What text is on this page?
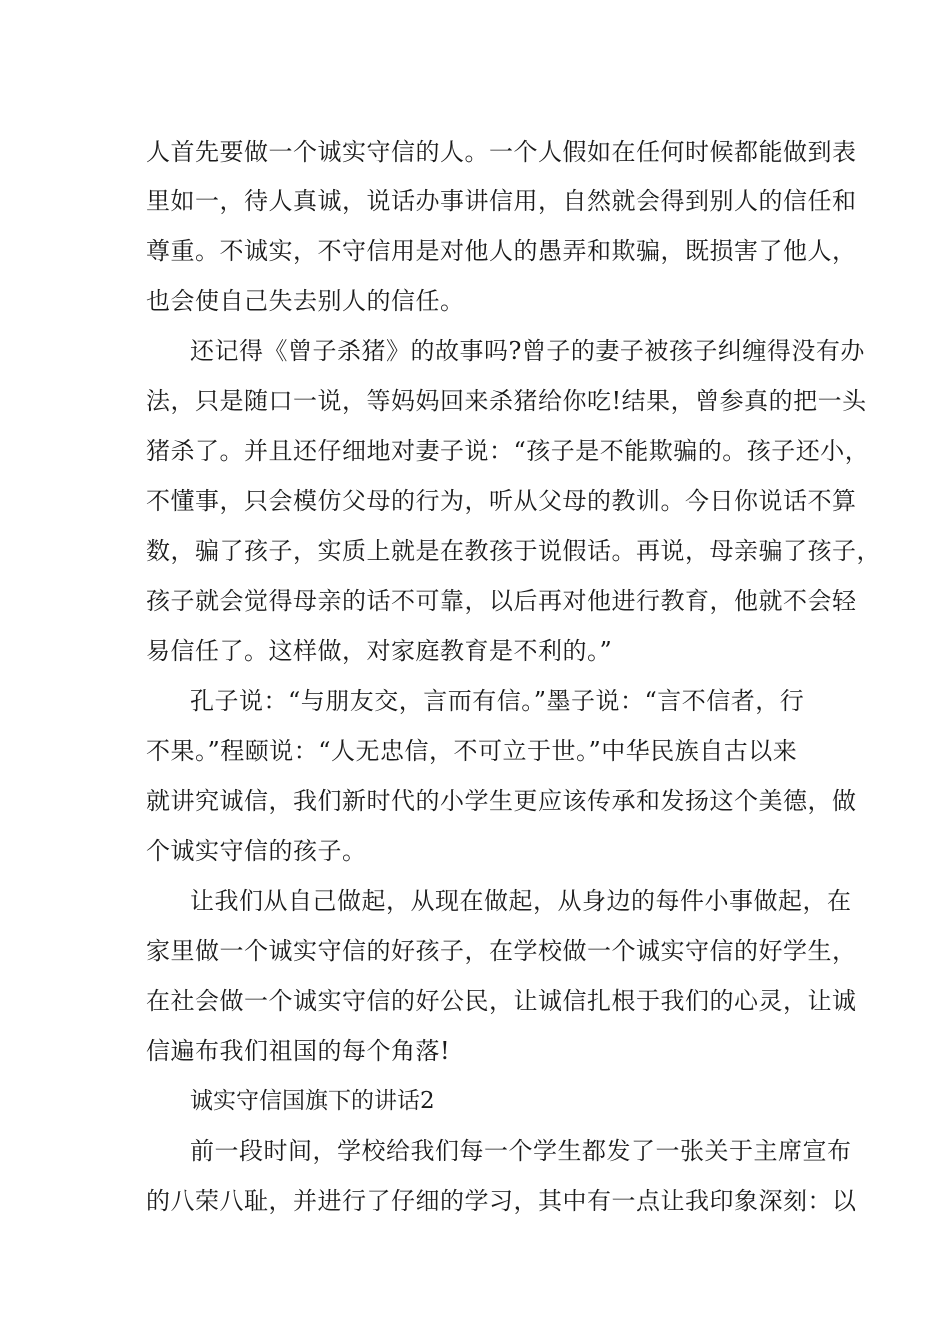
人首先要做一个诚实守信的人。一个人假如在任何时候都能做到表
里如一，待人真诚，说话办事讲信用，自然就会得到别人的信任和
尊重。不诚实，不守信用是对他人的愚弄和欺骗，既损害了他人，
也会使自己失去别人的信任。
还记得《曾子杀猪》的故事吗?曾子的妻子被孩子纠缠得没有办
法，只是随口一说，等妈妈回来杀猪给你吃!结果，曾参真的把一头
猪杀了。并且还仔细地对妻子说：“孩子是不能欺骗的。孩子还小，
不懂事，只会模仿父母的行为，听从父母的教训。今日你说话不算
数，骗了孩子，实质上就是在教孩于说假话。再说，母亲骗了孩子，
孩子就会觉得母亲的话不可靠，以后再对他进行教育，他就不会轻
易信任了。这样做，对家庭教育是不利的。”
孔子说：“与朋友交，言而有信。”墨子说：“言不信者，行
不果。”程颐说：“人无忠信，不可立于世。”中华民族自古以来
就讲究诚信，我们新时代的小学生更应该传承和发扬这个美德，做
个诚实守信的孩子。
让我们从自己做起，从现在做起，从身边的每件小事做起，在
家里做一个诚实守信的好孩子，在学校做一个诚实守信的好学生，
在社会做一个诚实守信的好公民，让诚信扎根于我们的心灵，让诚
信遍布我们祖国的每个角落!
诚实守信国旗下的讲话2
前一段时间，学校给我们每一个学生都发了一张关于主席宣布
的八荣八耻，并进行了仔细的学习，其中有一点让我印象深刻：以
